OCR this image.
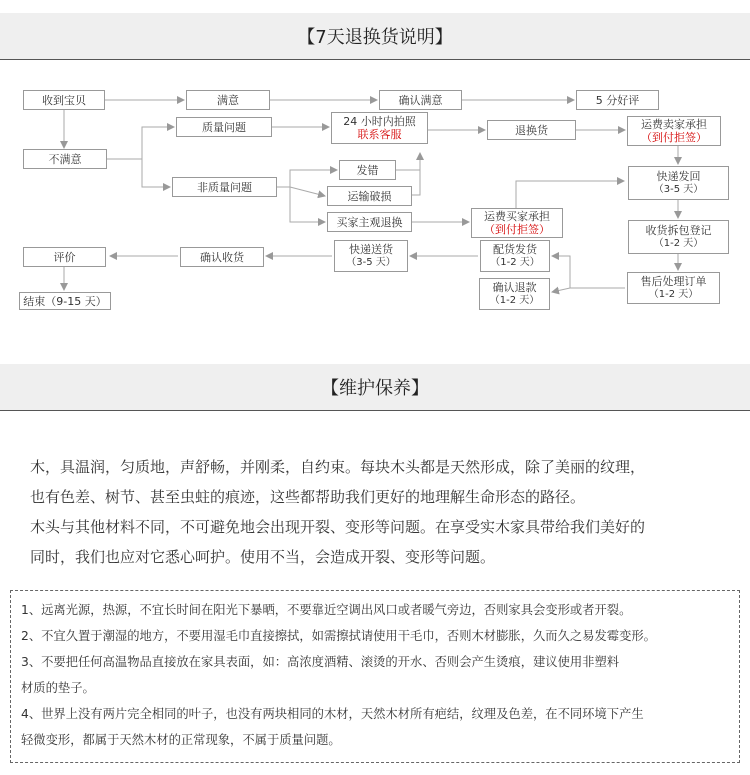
【7天退换货说明】
收到宝贝	满意	确认满意	5 分好评
不满意
质量问题	24 小时内拍照
联系客服	退换货	运费卖家承担
（到付拒签）
非质量问题
发错
运输破损
买家主观退换	运费买家承担
（到付拒签）
快递发回
（3-5 天）
收货拆包登记
（1-2 天）
售后处理订单
（1-2 天）
配货发货
（1-2 天）
确认退款
（1-2 天）
快递送货
（3-5 天）
确认收货
评价
结束（9-15 天）
【维护保养】

木，具温润，匀质地，声舒畅，并刚柔，自约束。每块木头都是天然形成，除了美丽的纹理，

也有色差、树节、甚至虫蛀的痕迹，这些都帮助我们更好的地理解生命形态的路径。

木头与其他材料不同，不可避免地会出现开裂、变形等问题。在享受实木家具带给我们美好的

同时，我们也应对它悉心呵护。使用不当，会造成开裂、变形等问题。

1、远离光源，热源，不宜长时间在阳光下暴晒，不要靠近空调出风口或者暖气旁边，否则家具会变形或者开裂。

2、不宜久置于潮湿的地方，不要用湿毛巾直接擦拭，如需擦拭请使用干毛巾，否则木材膨胀，久而久之易发霉变形。

3、不要把任何高温物品直接放在家具表面，如：高浓度酒精、滚烫的开水、否则会产生烫痕，建议使用非塑料

材质的垫子。

4、世界上没有两片完全相同的叶子，也没有两块相同的木材，天然木材所有疤结，纹理及色差，在不同环境下产生

轻微变形，都属于天然木材的正常现象，不属于质量问题。
